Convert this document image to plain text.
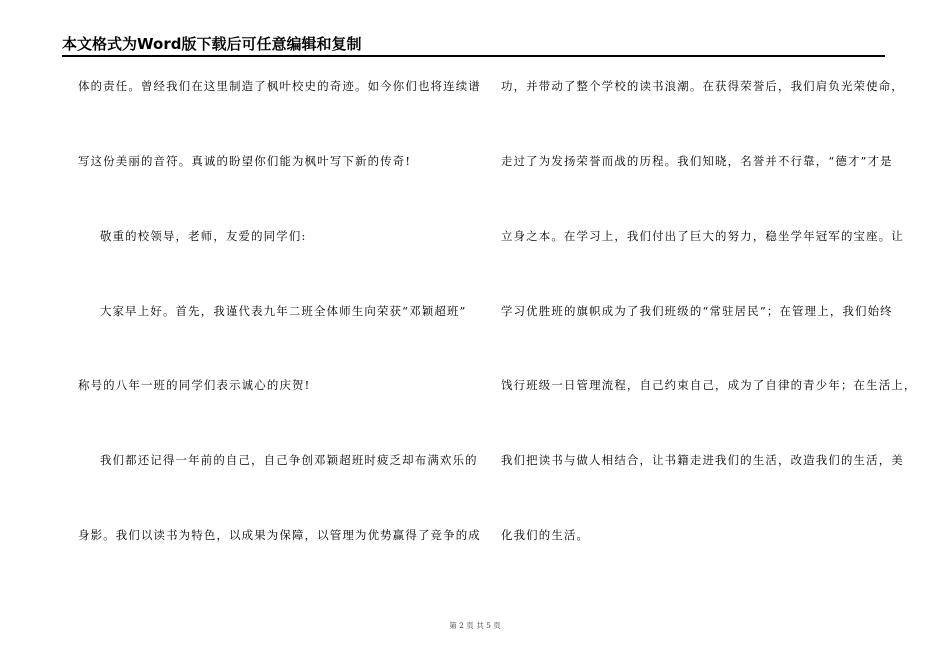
本文格式为Word版下载后可任意编辑和复制
体的责任。曾经我们在这里制造了枫叶校史的奇迹。如今你们也将连续谱
写这份美丽的音符。真诚的盼望你们能为枫叶写下新的传奇!
敬重的校领导，老师，友爱的同学们:
大家早上好。首先，我谨代表九年二班全体师生向荣获“邓颖超班”
称号的八年一班的同学们表示诚心的庆贺!
我们都还记得一年前的自己，自己争创邓颖超班时疲乏却布满欢乐的
身影。我们以读书为特色，以成果为保障，以管理为优势赢得了竞争的成
功，并带动了整个学校的读书浪潮。在获得荣誉后，我们肩负光荣使命，
走过了为发扬荣誉而战的历程。我们知晓，名誉并不行靠，“德才”才是
立身之本。在学习上，我们付出了巨大的努力，稳坐学年冠军的宝座。让
学习优胜班的旗帜成为了我们班级的“常驻居民”；在管理上，我们始终
饯行班级一日管理流程，自己约束自己，成为了自律的青少年；在生活上，
我们把读书与做人相结合，让书籍走进我们的生活，改造我们的生活，美
化我们的生活。
第 2 页 共 5 页
